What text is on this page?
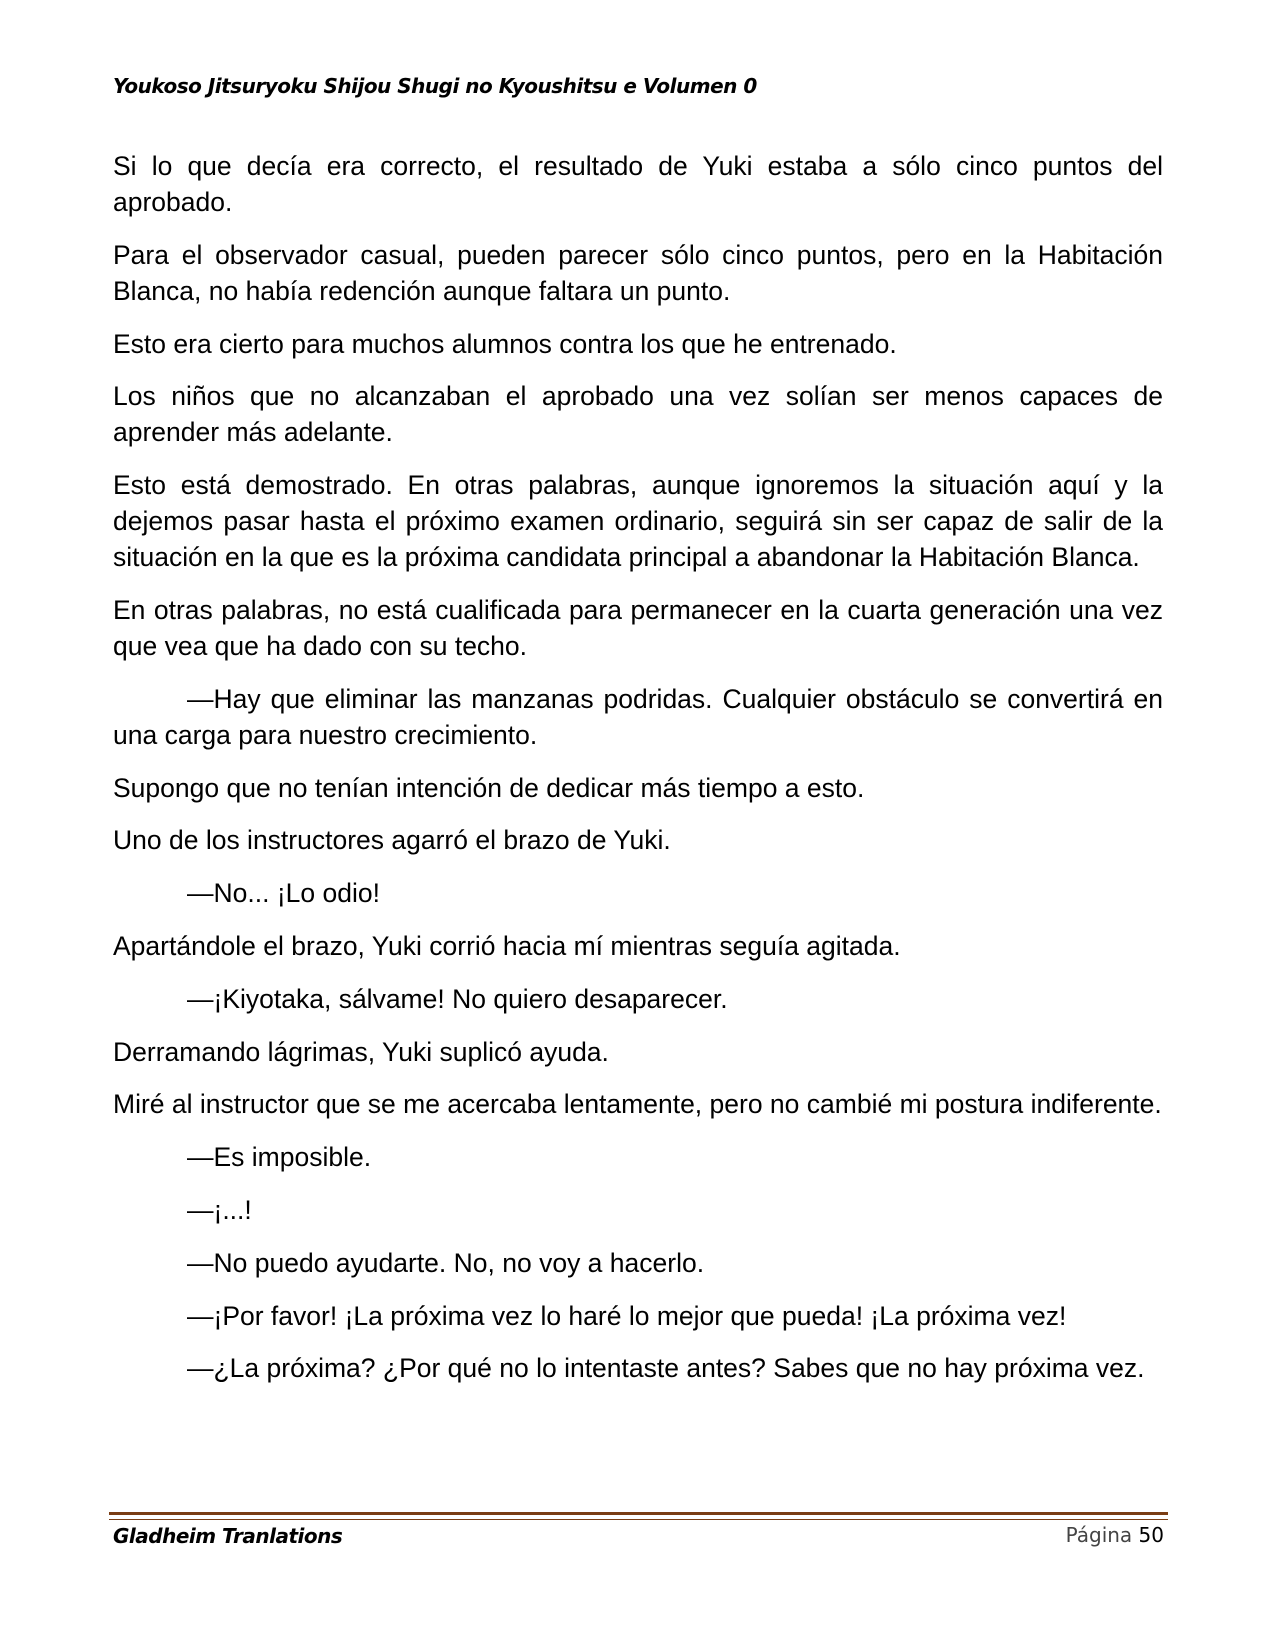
Youkoso Jitsuryoku Shijou Shugi no Kyoushitsu e Volumen 0

Si lo que decía era correcto, el resultado de Yuki estaba a sólo cinco puntos del aprobado.

Para el observador casual, pueden parecer sólo cinco puntos, pero en la Habitación Blanca, no había redención aunque faltara un punto.

Esto era cierto para muchos alumnos contra los que he entrenado.

Los niños que no alcanzaban el aprobado una vez solían ser menos capaces de aprender más adelante.

Esto está demostrado. En otras palabras, aunque ignoremos la situación aquí y la dejemos pasar hasta el próximo examen ordinario, seguirá sin ser capaz de salir de la situación en la que es la próxima candidata principal a abandonar la Habitación Blanca.

En otras palabras, no está cualificada para permanecer en la cuarta generación una vez que vea que ha dado con su techo.

—Hay que eliminar las manzanas podridas. Cualquier obstáculo se convertirá en una carga para nuestro crecimiento.

Supongo que no tenían intención de dedicar más tiempo a esto.

Uno de los instructores agarró el brazo de Yuki.

—No... ¡Lo odio!

Apartándole el brazo, Yuki corrió hacia mí mientras seguía agitada.

—¡Kiyotaka, sálvame! No quiero desaparecer.

Derramando lágrimas, Yuki suplicó ayuda.

Miré al instructor que se me acercaba lentamente, pero no cambié mi postura indiferente.

—Es imposible.

—¡...!

—No puedo ayudarte. No, no voy a hacerlo.

—¡Por favor! ¡La próxima vez lo haré lo mejor que pueda! ¡La próxima vez!

—¿La próxima? ¿Por qué no lo intentaste antes? Sabes que no hay próxima vez.

Gladheim Tranlations	Página 50
